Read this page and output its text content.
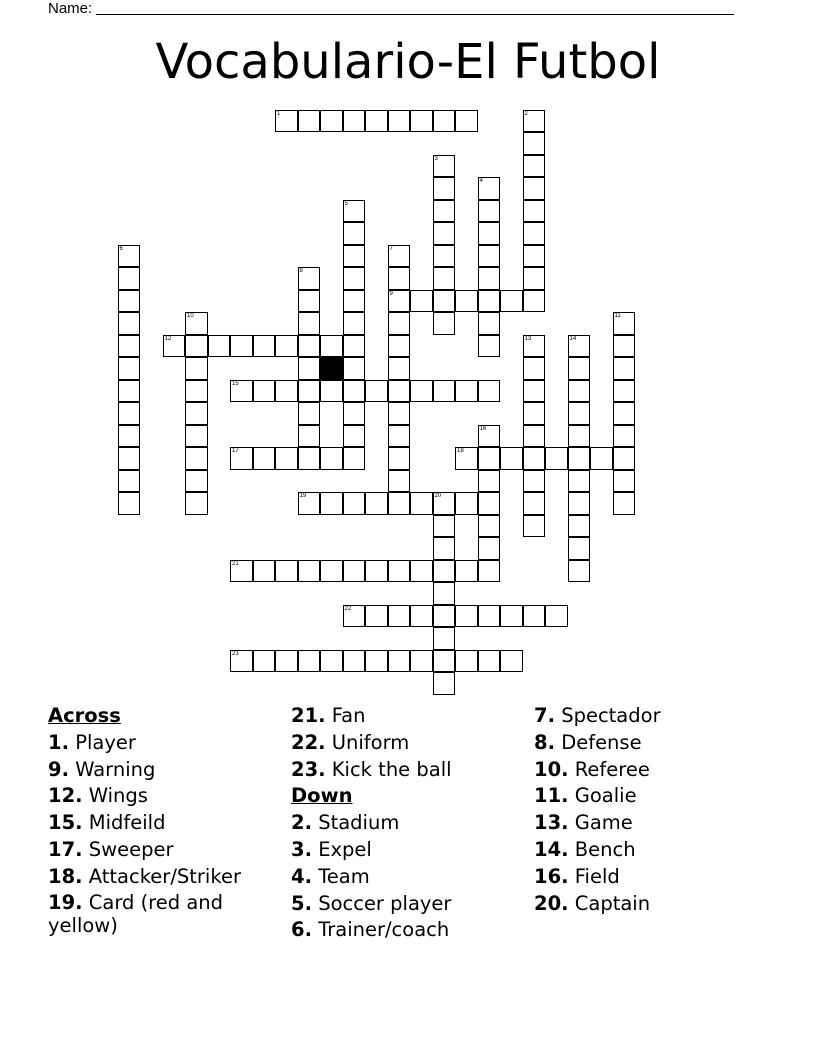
Name:
Vocabulario-El Futbol
1	2
3
4
5
6	7
9
8
10	11
12	13	14
15
16
17	18
19	20
21
22
23
Across
1. Player
9. Warning
12. Wings
15. Midfeild
17. Sweeper
18. Attacker/Striker
19. Card (red and yellow)
21. Fan
22. Uniform
23. Kick the ball
Down
2. Stadium
3. Expel
4. Team
5. Soccer player
6. Trainer/coach
7. Spectador
8. Defense
10. Referee
11. Goalie
13. Game
14. Bench
16. Field
20. Captain
